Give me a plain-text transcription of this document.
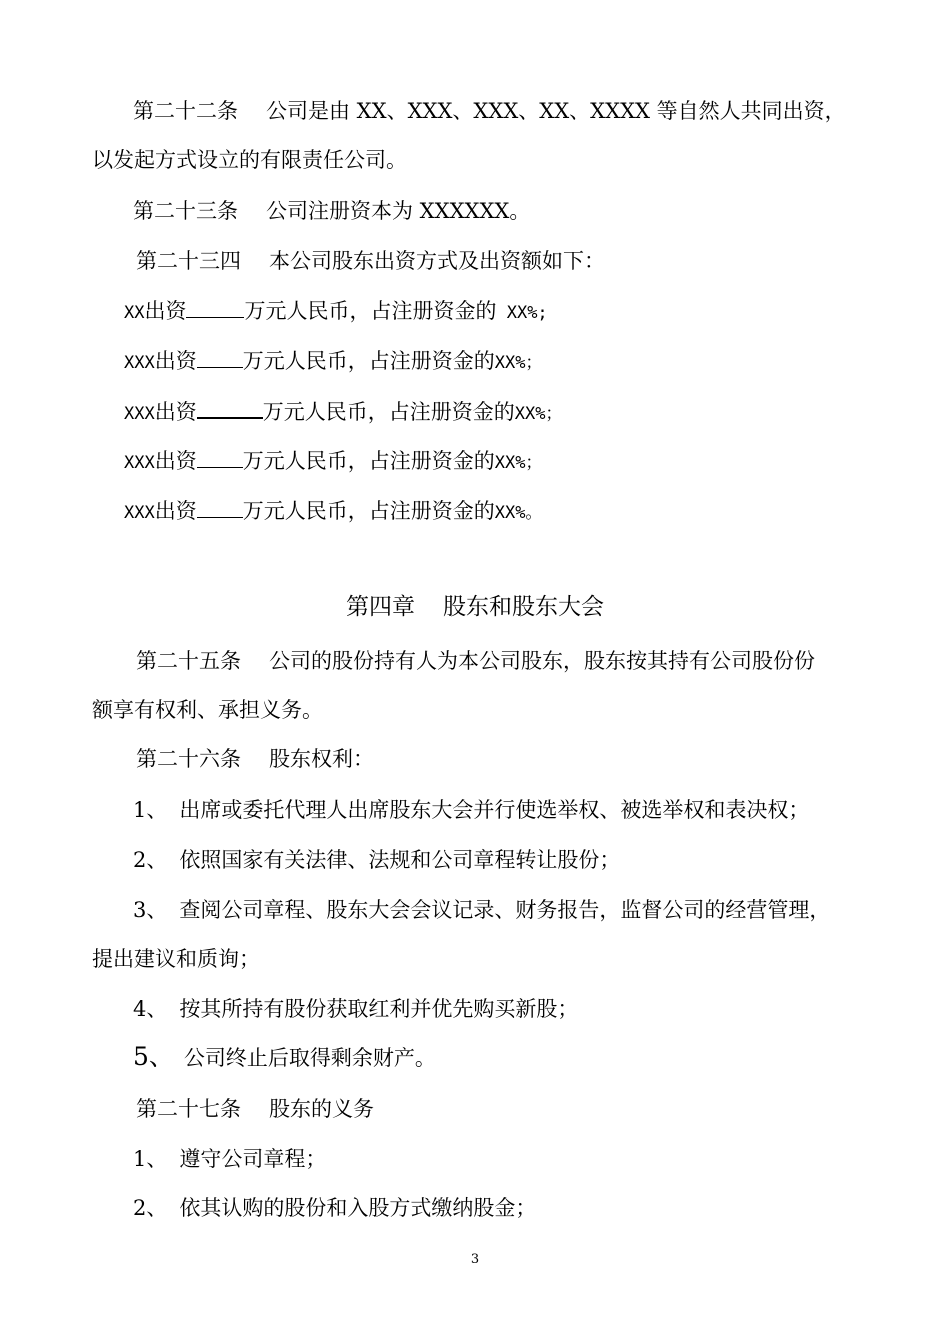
第二十二条 公司是由 XX、XXX、XXX、XX、XXXX 等自然人共同出资，
以发起方式设立的有限责任公司。
第二十三条 公司注册资本为 XXXXXX。
第二十三四 本公司股东出资方式及出资额如下：
XX出资	万元人民币，占注册资金的 XX%;
XXX出资 万元人民币，占注册资金的XX%；
XXX出资	万元人民币，占注册资金的XX%；
XXX出资 万元人民币，占注册资金的XX%；
XXX出资 万元人民币，占注册资金的XX%。
第四章 股东和股东大会
第二十五条 公司的股份持有人为本公司股东，股东按其持有公司股份份
额享有权利、承担义务。
第二十六条 股东权利：
1、 出席或委托代理人出席股东大会并行使选举权、被选举权和表决权；
2、 依照国家有关法律、法规和公司章程转让股份；
3、 查阅公司章程、股东大会会议记录、财务报告，监督公司的经营管理，
提出建议和质询；
4、 按其所持有股份获取红利并优先购买新股；
5、 公司终止后取得剩余财产。
第二十七条 股东的义务
1、 遵守公司章程；
2、 依其认购的股份和入股方式缴纳股金；
3
